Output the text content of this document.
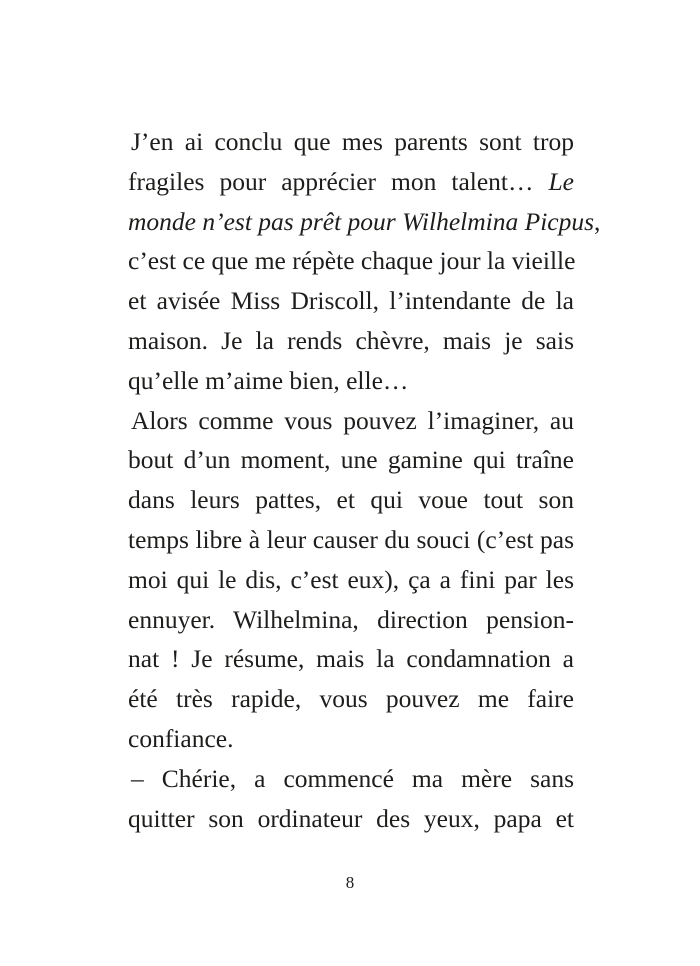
J’en ai conclu que mes parents sont trop
fragiles pour apprécier mon talent… Le
monde n’est pas prêt pour Wilhelmina Picpus,
c’est ce que me répète chaque jour la vieille
et avisée Miss Driscoll, l’intendante de la
maison. Je la rends chèvre, mais je sais
qu’elle m’aime bien, elle…
Alors comme vous pouvez l’imaginer, au
bout d’un moment, une gamine qui traîne
dans leurs pattes, et qui voue tout son
temps libre à leur causer du souci (c’est pas
moi qui le dis, c’est eux), ça a fini par les
ennuyer. Wilhelmina, direction pension-
nat ! Je résume, mais la condamnation a
été très rapide, vous pouvez me faire
confiance.
– Chérie, a commencé ma mère sans
quitter son ordinateur des yeux, papa et
8
